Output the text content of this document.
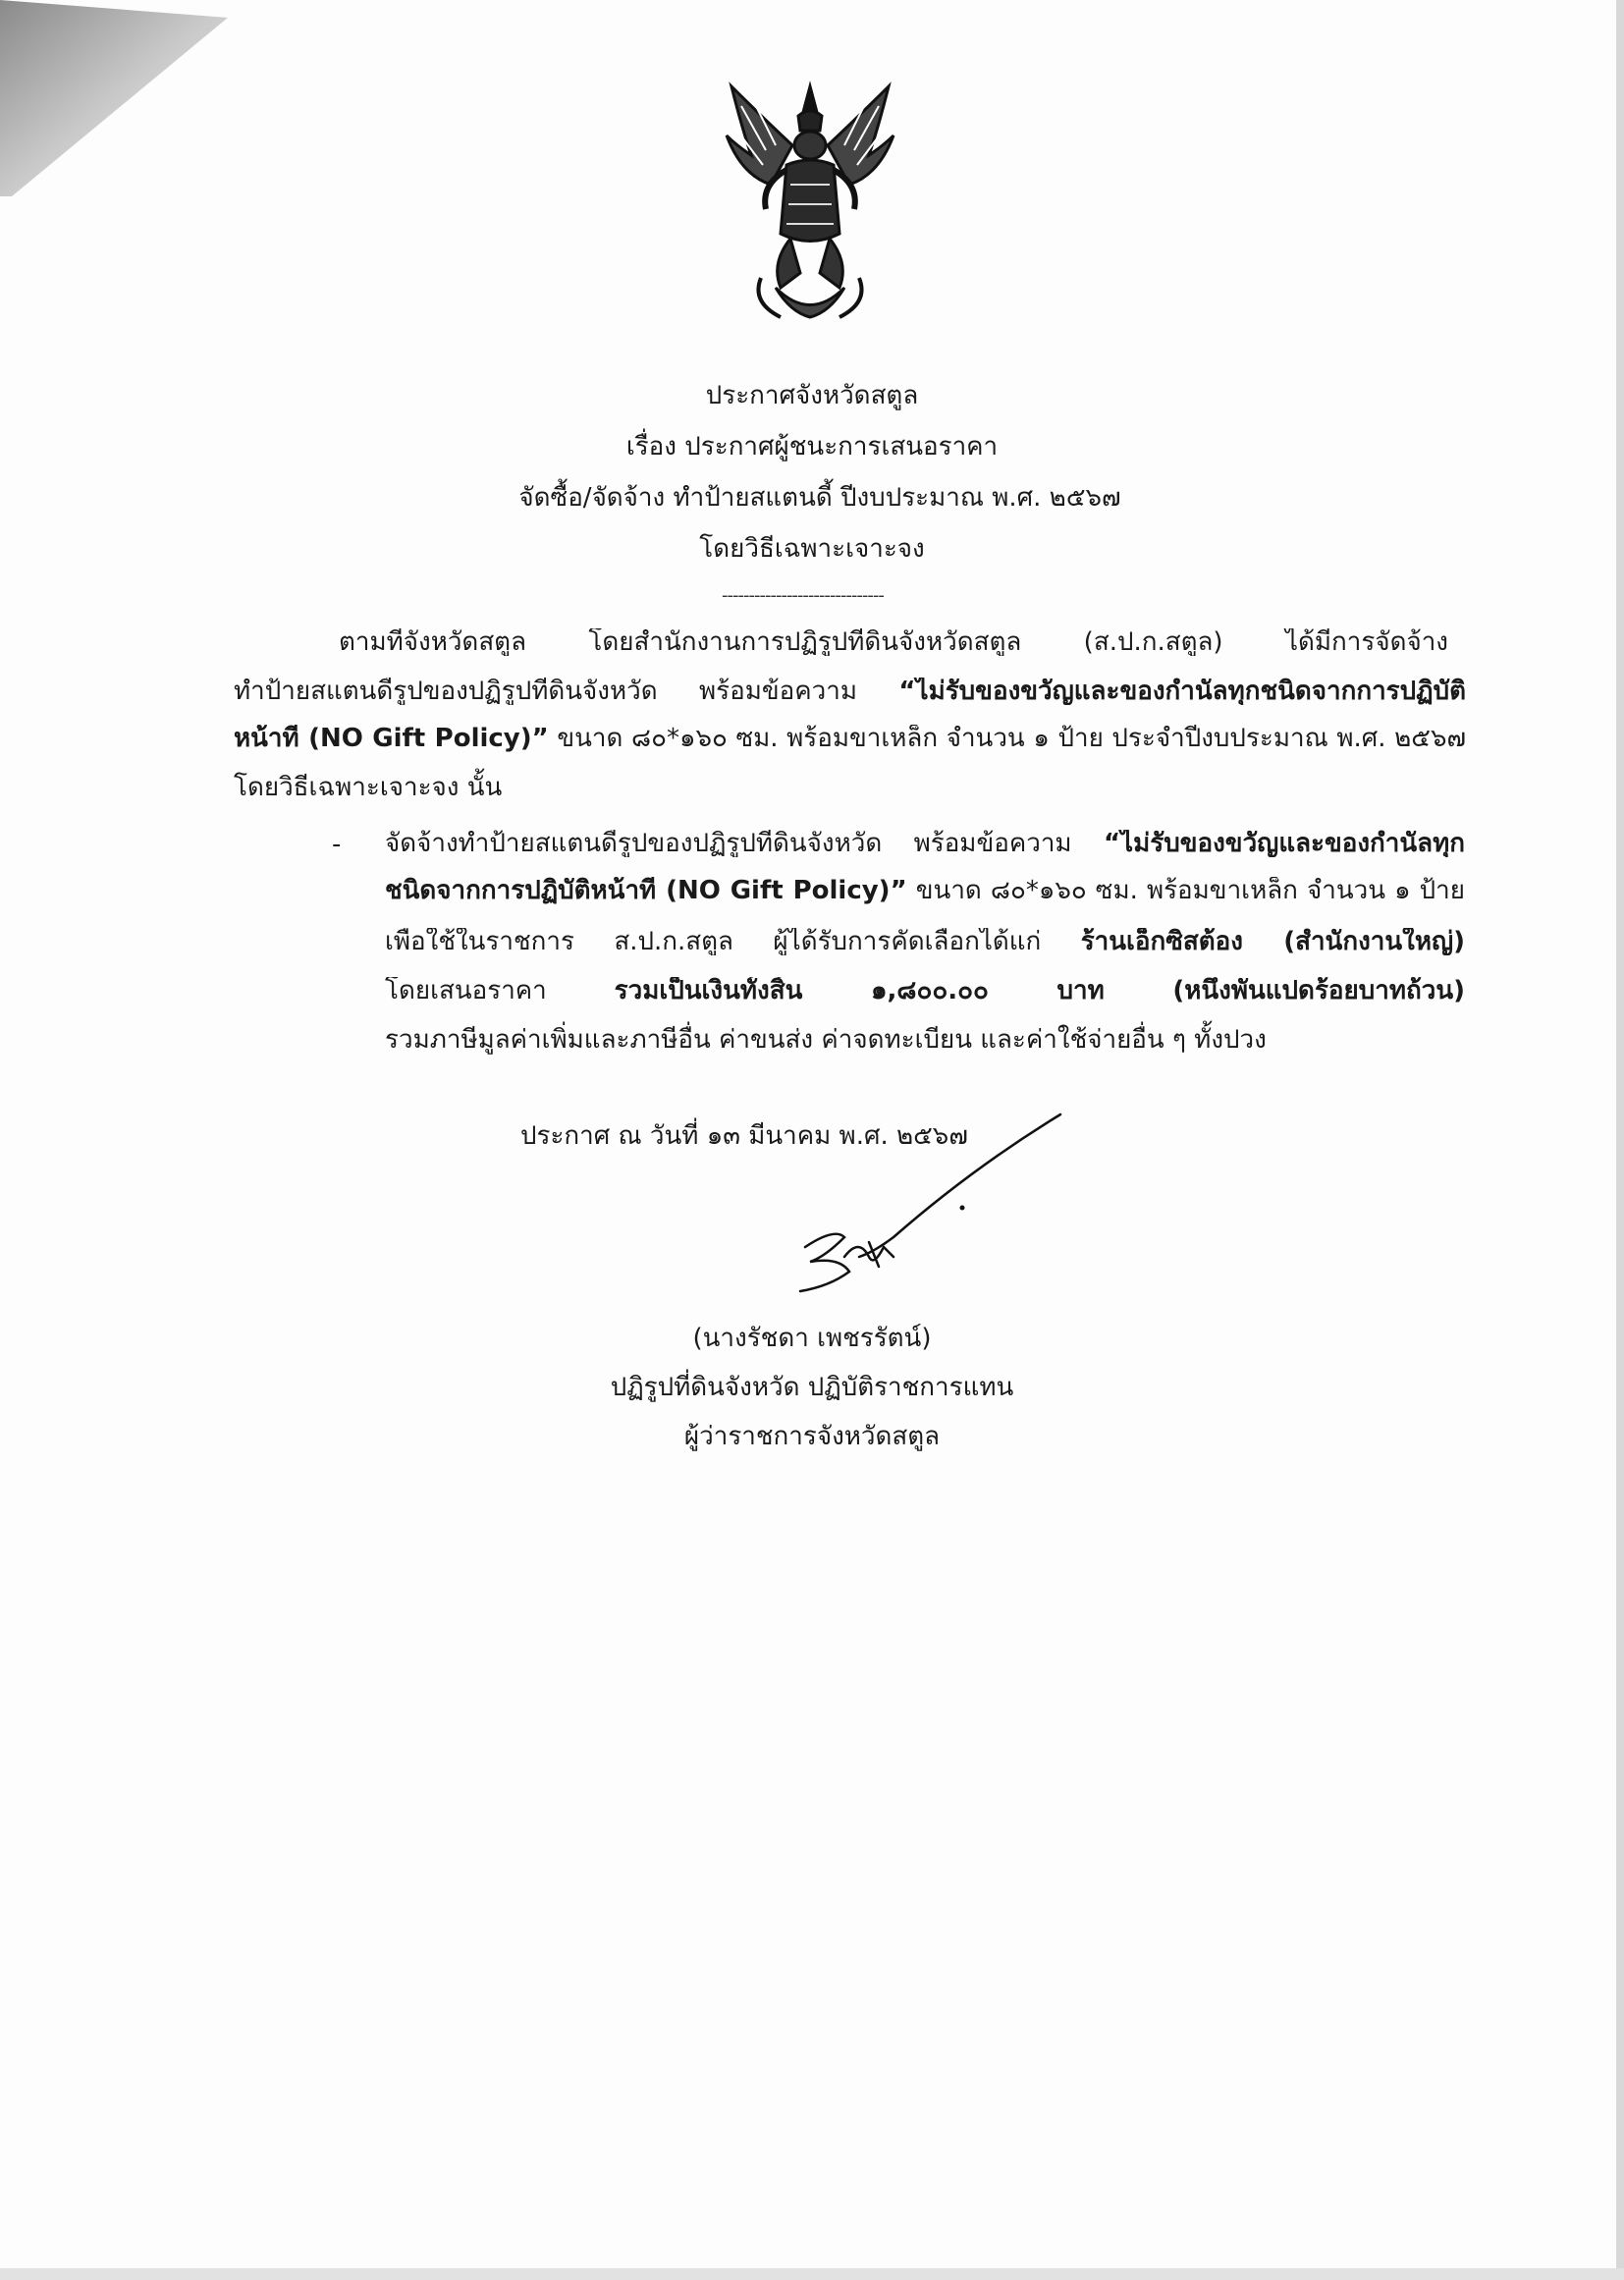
ประกาศจังหวัดสตูล
เรื่อง ประกาศผู้ชนะการเสนอราคา
จัดซื้อ/จัดจ้าง ทำป้ายสแตนดี้ ปีงบประมาณ พ.ศ. ๒๕๖๗
โดยวิธีเฉพาะเจาะจง
------------------------------
ตามที่จังหวัดสตูล โดยสำนักงานการปฏิรูปที่ดินจังหวัดสตูล (ส.ป.ก.สตูล) ได้มีการจัดจ้าง
ทำป้ายสแตนดี้รูปของปฏิรูปที่ดินจังหวัด พร้อมข้อความ “ไม่รับของขวัญและของกำนัลทุกชนิดจากการปฏิบัติ
หน้าที่ (NO Gift Policy)” ขนาด ๘๐*๑๖๐ ซม. พร้อมขาเหล็ก จำนวน ๑ ป้าย ประจำปีงบประมาณ พ.ศ. ๒๕๖๗
โดยวิธีเฉพาะเจาะจง นั้น
- จัดจ้างทำป้ายสแตนดี้รูปของปฏิรูปที่ดินจังหวัด พร้อมข้อความ “ไม่รับของขวัญและของกำนัลทุก
ชนิดจากการปฏิบัติหน้าที่ (NO Gift Policy)” ขนาด ๘๐*๑๖๐ ซม. พร้อมขาเหล็ก จำนวน ๑ ป้าย
เพื่อใช้ในราชการ ส.ป.ก.สตูล ผู้ได้รับการคัดเลือกได้แก่ ร้านเอ็กซิสต้อง (สำนักงานใหญ่)
โดยเสนอราคา รวมเป็นเงินทั้งสิ้น ๑,๘๐๐.๐๐ บาท (หนึ่งพันแปดร้อยบาทถ้วน)
รวมภาษีมูลค่าเพิ่มและภาษีอื่น ค่าขนส่ง ค่าจดทะเบียน และค่าใช้จ่ายอื่น ๆ ทั้งปวง
ประกาศ ณ วันที่ ๑๓ มีนาคม พ.ศ. ๒๕๖๗
(นางรัชดา เพชรรัตน์)
ปฏิรูปที่ดินจังหวัด ปฏิบัติราชการแทน
ผู้ว่าราชการจังหวัดสตูล
